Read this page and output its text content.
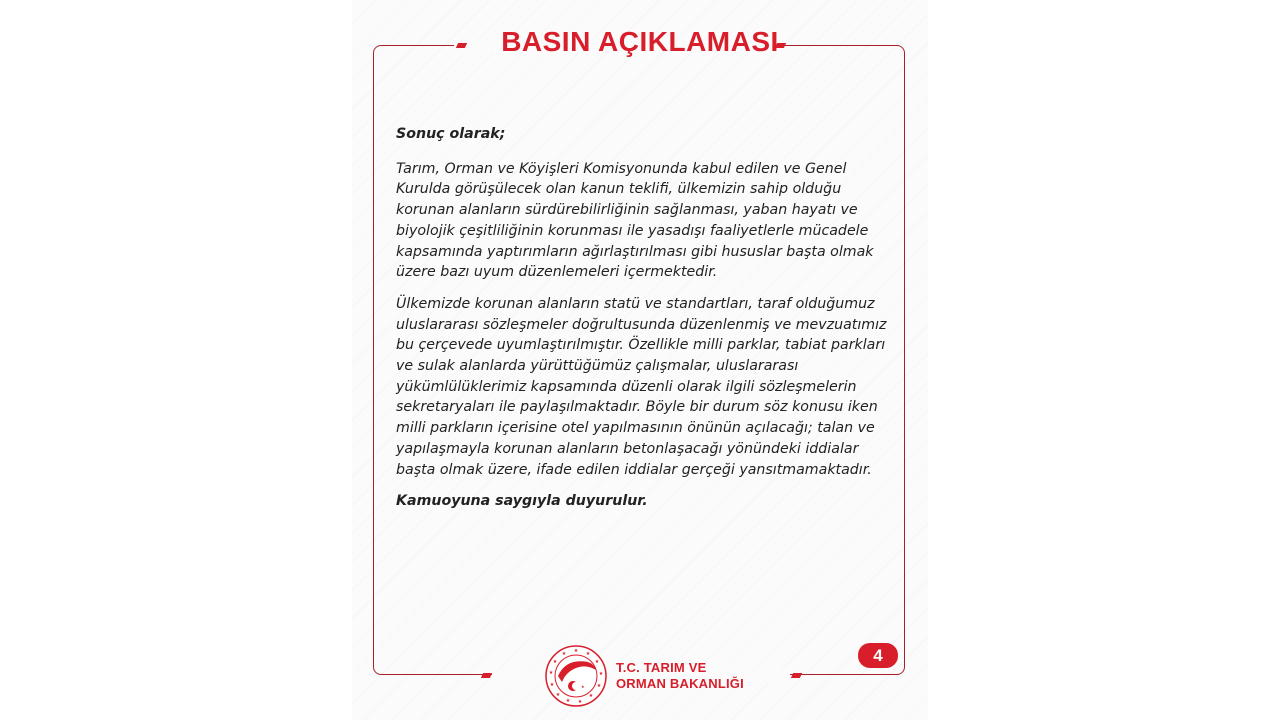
BASIN AÇIKLAMASI

Sonuç olarak;

Tarım, Orman ve Köyişleri Komisyonunda kabul edilen ve Genel Kurulda görüşülecek olan kanun teklifi, ülkemizin sahip olduğu korunan alanların sürdürebilirliğinin sağlanması, yaban hayatı ve biyolojik çeşitliliğinin korunması ile yasadışı faaliyetlerle mücadele kapsamında yaptırımların ağırlaştırılması gibi hususlar başta olmak üzere bazı uyum düzenlemeleri içermektedir.

Ülkemizde korunan alanların statü ve standartları, taraf olduğumuz uluslararası sözleşmeler doğrultusunda düzenlenmiş ve mevzuatımız bu çerçevede uyumlaştırılmıştır. Özellikle milli parklar, tabiat parkları ve sulak alanlarda yürüttüğümüz çalışmalar, uluslararası yükümlülüklerimiz kapsamında düzenli olarak ilgili sözleşmelerin sekretaryaları ile paylaşılmaktadır. Böyle bir durum söz konusu iken milli parkların içerisine otel yapılmasının önünün açılacağı; talan ve yapılaşmayla korunan alanların betonlaşacağı yönündeki iddialar başta olmak üzere, ifade edilen iddialar gerçeği yansıtmamaktadır.

Kamuoyuna saygıyla duyurulur.

4
★ ★
★
★
★
★
★
★
★
★
★
★
★
★
T.C. TARIM VE
ORMAN BAKANLIĞI
